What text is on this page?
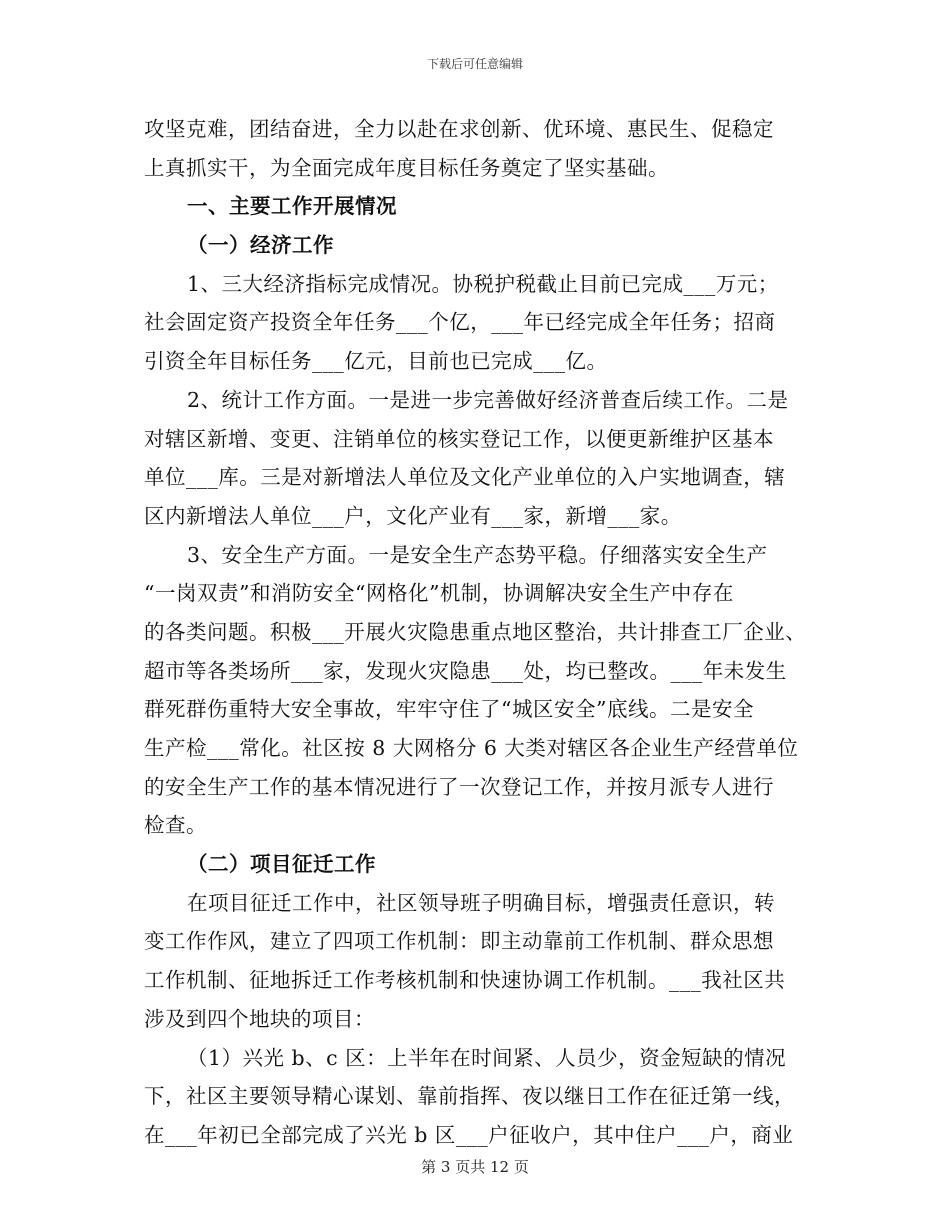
下载后可任意编辑
攻坚克难，团结奋进，全力以赴在求创新、优环境、惠民生、促稳定
上真抓实干，为全面完成年度目标任务奠定了坚实基础。
一、主要工作开展情况
（一）经济工作
1、三大经济指标完成情况。协税护税截止目前已完成___万元；
社会固定资产投资全年任务___个亿，___年已经完成全年任务；招商
引资全年目标任务___亿元，目前也已完成___亿。
2、统计工作方面。一是进一步完善做好经济普查后续工作。二是
对辖区新增、变更、注销单位的核实登记工作，以便更新维护区基本
单位___库。三是对新增法人单位及文化产业单位的入户实地调查，辖
区内新增法人单位___户，文化产业有___家，新增___家。
3、安全生产方面。一是安全生产态势平稳。仔细落实安全生产
“一岗双责”和消防安全“网格化”机制，协调解决安全生产中存在
的各类问题。积极___开展火灾隐患重点地区整治，共计排查工厂企业、
超市等各类场所___家，发现火灾隐患___处，均已整改。___年未发生
群死群伤重特大安全事故，牢牢守住了“城区安全”底线。二是安全
生产检___常化。社区按 8 大网格分 6 大类对辖区各企业生产经营单位
的安全生产工作的基本情况进行了一次登记工作，并按月派专人进行
检查。
（二）项目征迁工作
在项目征迁工作中，社区领导班子明确目标，增强责任意识，转
变工作作风，建立了四项工作机制：即主动靠前工作机制、群众思想
工作机制、征地拆迁工作考核机制和快速协调工作机制。___我社区共
涉及到四个地块的项目：
（1）兴光 b、c 区：上半年在时间紧、人员少，资金短缺的情况
下，社区主要领导精心谋划、靠前指挥、夜以继日工作在征迁第一线，
在___年初已全部完成了兴光 b 区___户征收户，其中住户___户，商业
第 3 页共 12 页
